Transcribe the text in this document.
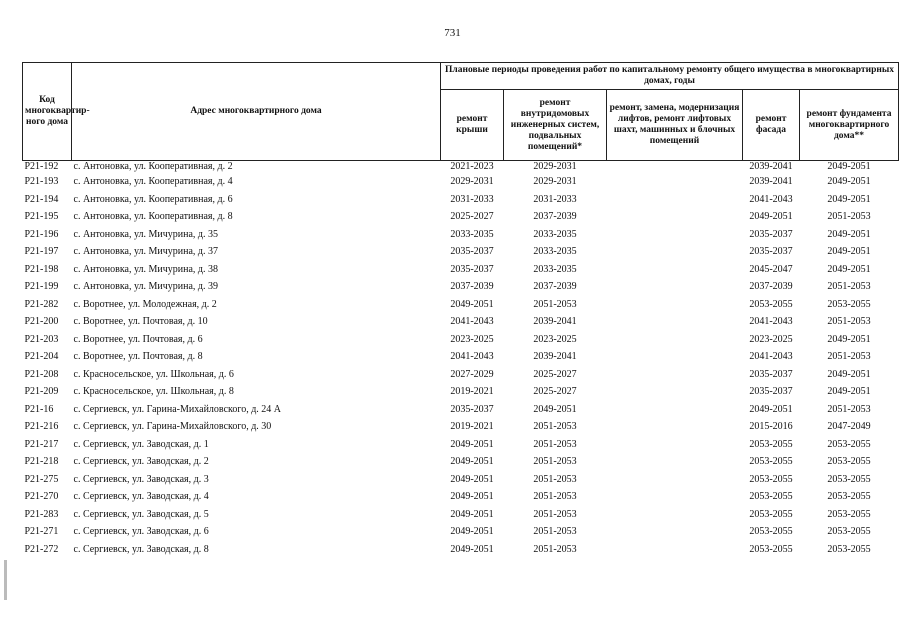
731
Код многоквартир-ного дома	Адрес многоквартирного дома	Плановые периоды проведения работ по капитальному ремонту общего имущества в многоквартирных домах, годы				
		ремонт крыши	ремонт внутридомовых инженерных систем, подвальных помещений*	ремонт, замена, модернизация лифтов, ремонт лифтовых шахт, машинных и блочных помещений	ремонт фасада	ремонт фундамента многоквартирного дома**
Р21-192	с. Антоновка, ул. Кооперативная, д. 2	2021-2023	2029-2031		2039-2041	2049-2051
Р21-193	с. Антоновка, ул. Кооперативная, д. 4	2029-2031	2029-2031		2039-2041	2049-2051
Р21-194	с. Антоновка, ул. Кооперативная, д. 6	2031-2033	2031-2033		2041-2043	2049-2051
Р21-195	с. Антоновка, ул. Кооперативная, д. 8	2025-2027	2037-2039		2049-2051	2051-2053
Р21-196	с. Антоновка, ул. Мичурина, д. 35	2033-2035	2033-2035		2035-2037	2049-2051
Р21-197	с. Антоновка, ул. Мичурина, д. 37	2035-2037	2033-2035		2035-2037	2049-2051
Р21-198	с. Антоновка, ул. Мичурина, д. 38	2035-2037	2033-2035		2045-2047	2049-2051
Р21-199	с. Антоновка, ул. Мичурина, д. 39	2037-2039	2037-2039		2037-2039	2051-2053
Р21-282	с. Воротнее, ул. Молодежная, д. 2	2049-2051	2051-2053		2053-2055	2053-2055
Р21-200	с. Воротнее, ул. Почтовая, д. 10	2041-2043	2039-2041		2041-2043	2051-2053
Р21-203	с. Воротнее, ул. Почтовая, д. 6	2023-2025	2023-2025		2023-2025	2049-2051
Р21-204	с. Воротнее, ул. Почтовая, д. 8	2041-2043	2039-2041		2041-2043	2051-2053
Р21-208	с. Красносельское, ул. Школьная, д. 6	2027-2029	2025-2027		2035-2037	2049-2051
Р21-209	с. Красносельское, ул. Школьная, д. 8	2019-2021	2025-2027		2035-2037	2049-2051
Р21-16	с. Сергиевск, ул. Гарина-Михайловского, д. 24 А	2035-2037	2049-2051		2049-2051	2051-2053
Р21-216	с. Сергиевск, ул. Гарина-Михайловского, д. 30	2019-2021	2051-2053		2015-2016	2047-2049
Р21-217	с. Сергиевск, ул. Заводская, д. 1	2049-2051	2051-2053		2053-2055	2053-2055
Р21-218	с. Сергиевск, ул. Заводская, д. 2	2049-2051	2051-2053		2053-2055	2053-2055
Р21-275	с. Сергиевск, ул. Заводская, д. 3	2049-2051	2051-2053		2053-2055	2053-2055
Р21-270	с. Сергиевск, ул. Заводская, д. 4	2049-2051	2051-2053		2053-2055	2053-2055
Р21-283	с. Сергиевск, ул. Заводская, д. 5	2049-2051	2051-2053		2053-2055	2053-2055
Р21-271	с. Сергиевск, ул. Заводская, д. 6	2049-2051	2051-2053		2053-2055	2053-2055
Р21-272	с. Сергиевск, ул. Заводская, д. 8	2049-2051	2051-2053		2053-2055	2053-2055
